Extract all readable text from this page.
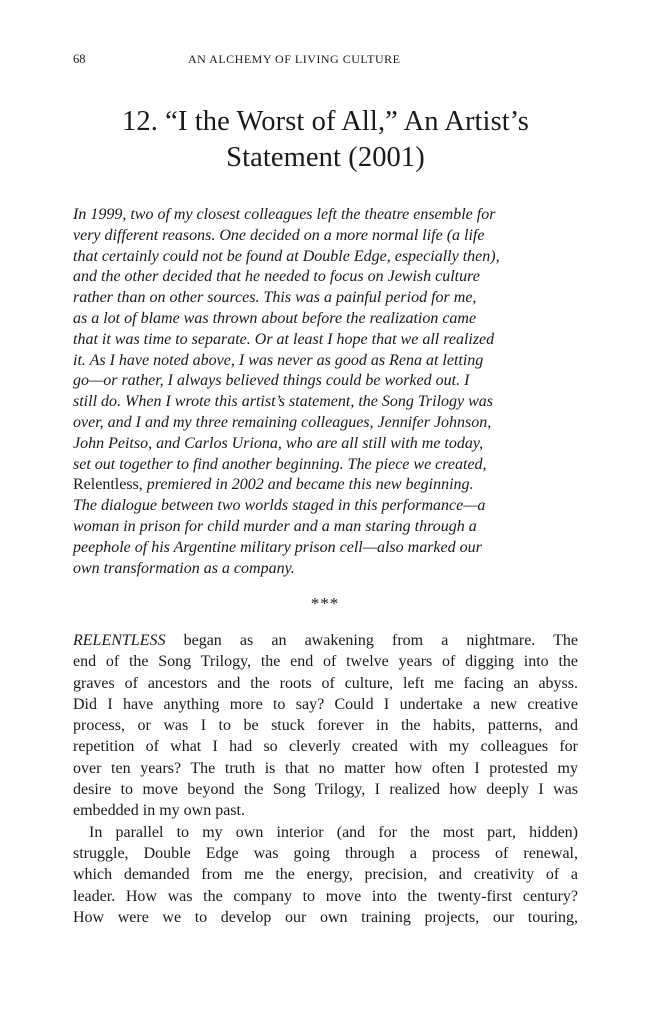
68	AN ALCHEMY OF LIVING CULTURE
12. “I the Worst of All,” An Artist’s
Statement (2001)
In 1999, two of my closest colleagues left the theatre ensemble for
very different reasons. One decided on a more normal life (a life
that certainly could not be found at Double Edge, especially then),
and the other decided that he needed to focus on Jewish culture
rather than on other sources. This was a painful period for me,
as a lot of blame was thrown about before the realization came
that it was time to separate. Or at least I hope that we all realized
it. As I have noted above, I was never as good as Rena at letting
go—or rather, I always believed things could be worked out. I
still do. When I wrote this artist’s statement, the Song Trilogy was
over, and I and my three remaining colleagues, Jennifer Johnson,
John Peitso, and Carlos Uriona, who are all still with me today,
set out together to find another beginning. The piece we created,
Relentless, premiered in 2002 and became this new beginning.
The dialogue between two worlds staged in this performance—a
woman in prison for child murder and a man staring through a
peephole of his Argentine military prison cell—also marked our
own transformation as a company.
***
RELENTLESS began as an awakening from a nightmare. The
end of the Song Trilogy, the end of twelve years of digging into the
graves of ancestors and the roots of culture, left me facing an abyss.
Did I have anything more to say? Could I undertake a new creative
process, or was I to be stuck forever in the habits, patterns, and
repetition of what I had so cleverly created with my colleagues for
over ten years? The truth is that no matter how often I protested my
desire to move beyond the Song Trilogy, I realized how deeply I was
embedded in my own past.
In parallel to my own interior (and for the most part, hidden)
struggle, Double Edge was going through a process of renewal,
which demanded from me the energy, precision, and creativity of a
leader. How was the company to move into the twenty-first century?
How were we to develop our own training projects, our touring,
